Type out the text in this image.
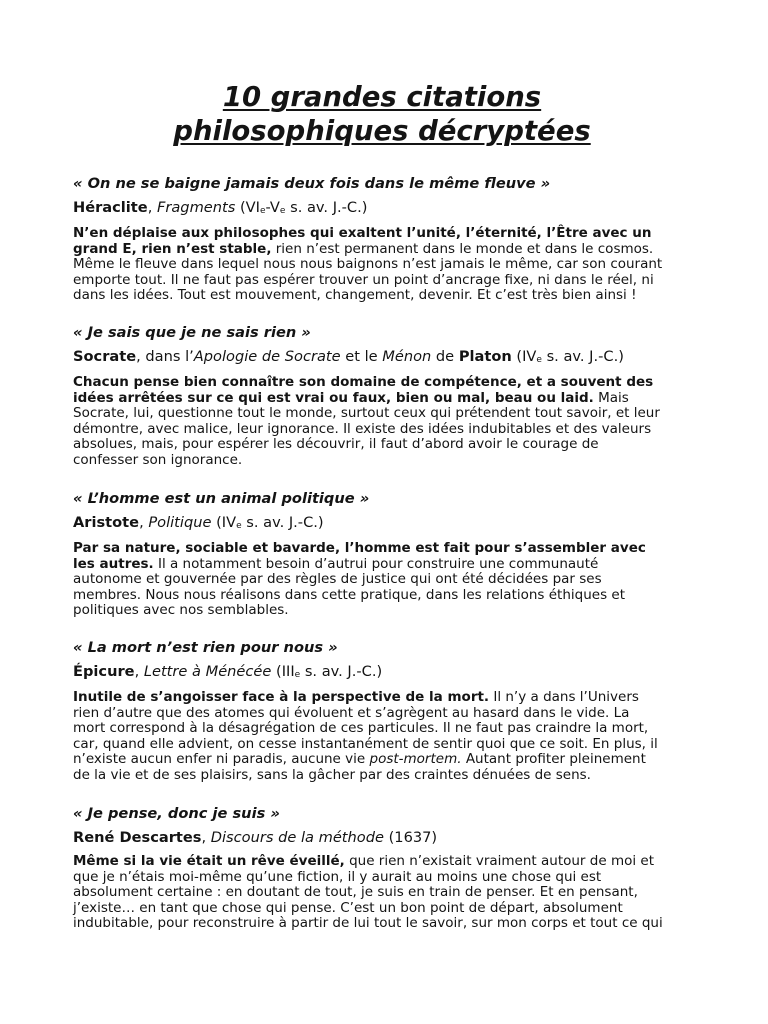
10 grandes citations
philosophiques décryptées

« On ne se baigne jamais deux fois dans le même fleuve »

Héraclite, Fragments (VIe-Ve s. av. J.-C.)

N’en déplaise aux philosophes qui exaltent l’unité, l’éternité, l’Être avec un
grand E, rien n’est stable, rien n’est permanent dans le monde et dans le cosmos.
Même le fleuve dans lequel nous nous baignons n’est jamais le même, car son courant
emporte tout. Il ne faut pas espérer trouver un point d’ancrage fixe, ni dans le réel, ni
dans les idées. Tout est mouvement, changement, devenir. Et c’est très bien ainsi !

« Je sais que je ne sais rien »

Socrate, dans l’Apologie de Socrate et le Ménon de Platon (IVe s. av. J.-C.)

Chacun pense bien connaître son domaine de compétence, et a souvent des
idées arrêtées sur ce qui est vrai ou faux, bien ou mal, beau ou laid. Mais
Socrate, lui, questionne tout le monde, surtout ceux qui prétendent tout savoir, et leur
démontre, avec malice, leur ignorance. Il existe des idées indubitables et des valeurs
absolues, mais, pour espérer les découvrir, il faut d’abord avoir le courage de
confesser son ignorance.

« L’homme est un animal politique »

Aristote, Politique (IVe s. av. J.-C.)

Par sa nature, sociable et bavarde, l’homme est fait pour s’assembler avec
les autres. Il a notamment besoin d’autrui pour construire une communauté
autonome et gouvernée par des règles de justice qui ont été décidées par ses
membres. Nous nous réalisons dans cette pratique, dans les relations éthiques et
politiques avec nos semblables.

« La mort n’est rien pour nous »

Épicure, Lettre à Ménécée (IIIe s. av. J.-C.)

Inutile de s’angoisser face à la perspective de la mort. Il n’y a dans l’Univers
rien d’autre que des atomes qui évoluent et s’agrègent au hasard dans le vide. La
mort correspond à la désagrégation de ces particules. Il ne faut pas craindre la mort,
car, quand elle advient, on cesse instantanément de sentir quoi que ce soit. En plus, il
n’existe aucun enfer ni paradis, aucune vie post-mortem. Autant profiter pleinement
de la vie et de ses plaisirs, sans la gâcher par des craintes dénuées de sens.

« Je pense, donc je suis »

René Descartes, Discours de la méthode (1637)

Même si la vie était un rêve éveillé, que rien n’existait vraiment autour de moi et
que je n’étais moi-même qu’une fiction, il y aurait au moins une chose qui est
absolument certaine : en doutant de tout, je suis en train de penser. Et en pensant,
j’existe… en tant que chose qui pense. C’est un bon point de départ, absolument
indubitable, pour reconstruire à partir de lui tout le savoir, sur mon corps et tout ce qui
